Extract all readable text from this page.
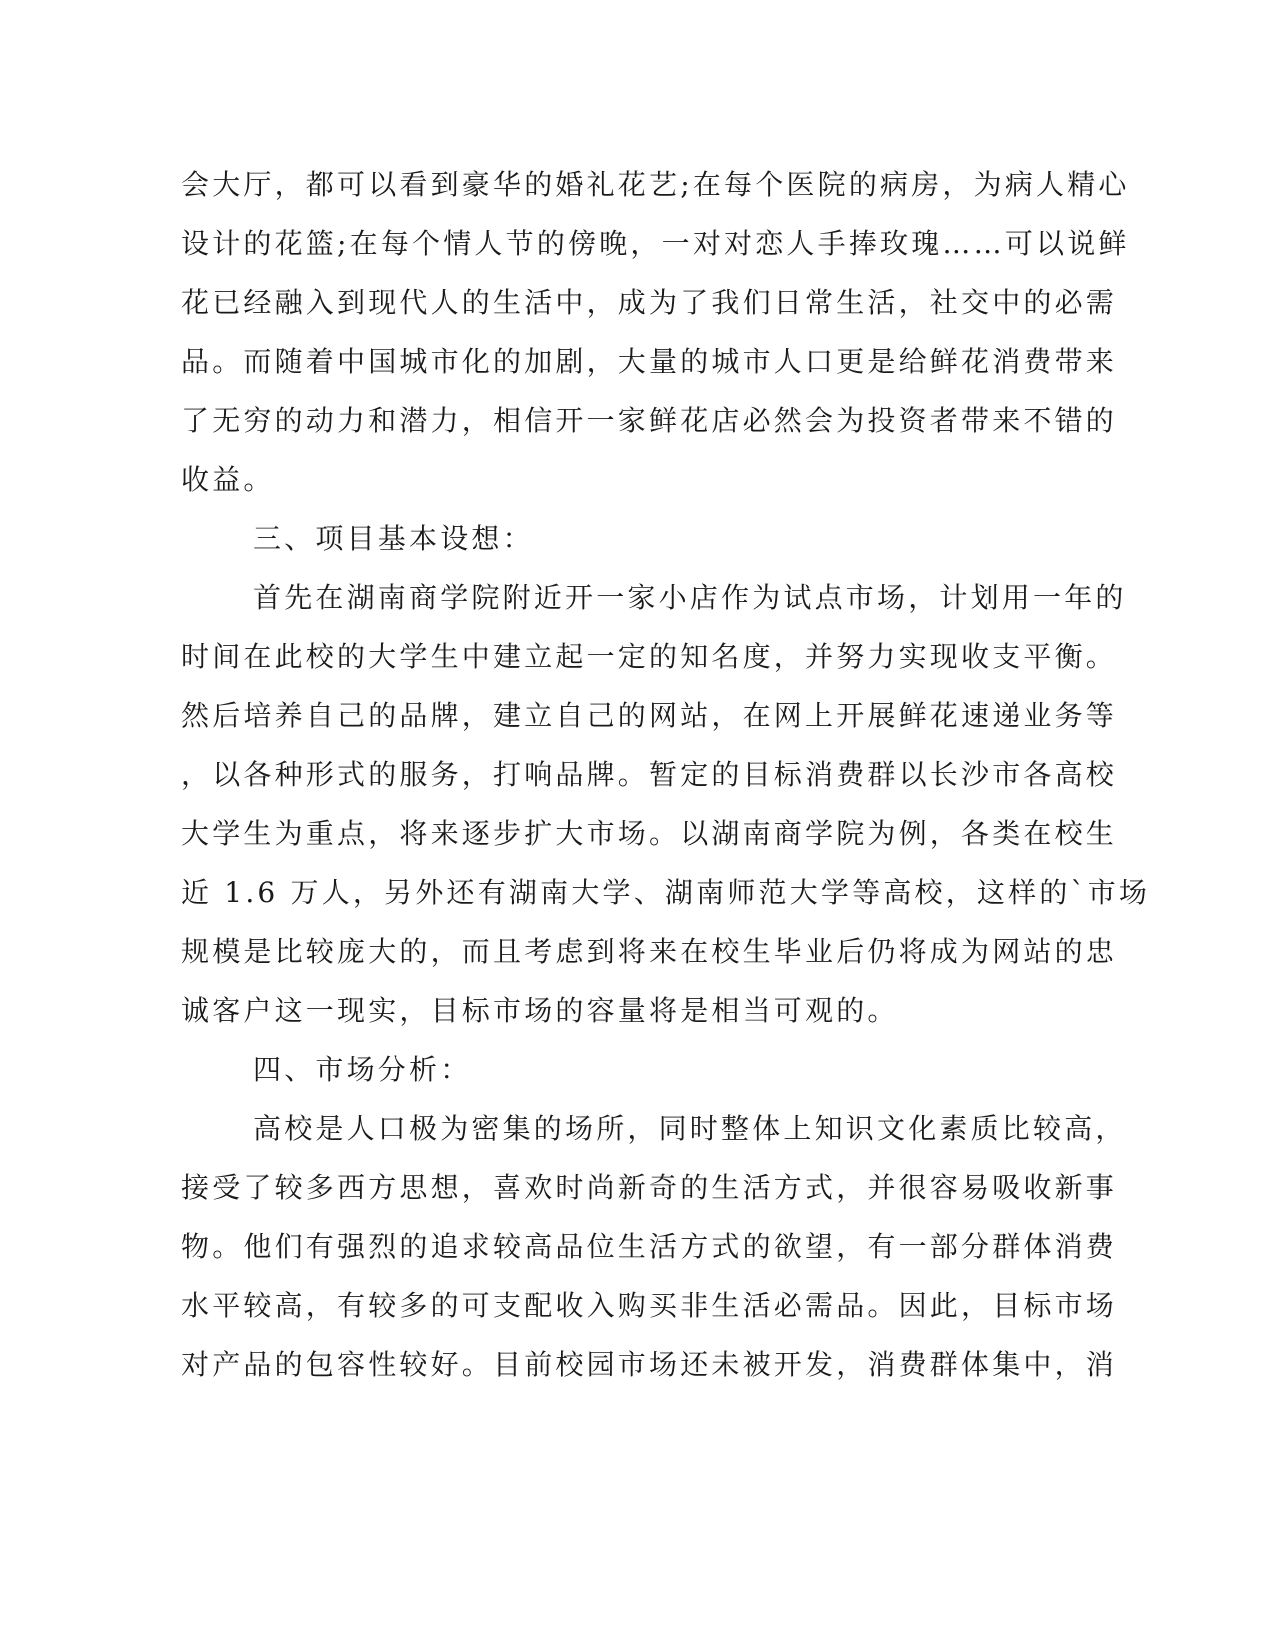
会大厅，都可以看到豪华的婚礼花艺;在每个医院的病房，为病人精心
设计的花篮;在每个情人节的傍晚，一对对恋人手捧玫瑰……可以说鲜
花已经融入到现代人的生活中，成为了我们日常生活，社交中的必需
品。而随着中国城市化的加剧，大量的城市人口更是给鲜花消费带来
了无穷的动力和潜力，相信开一家鲜花店必然会为投资者带来不错的
收益。
三、项目基本设想：
首先在湖南商学院附近开一家小店作为试点市场，计划用一年的
时间在此校的大学生中建立起一定的知名度，并努力实现收支平衡。
然后培养自己的品牌，建立自己的网站，在网上开展鲜花速递业务等
，以各种形式的服务，打响品牌。暂定的目标消费群以长沙市各高校
大学生为重点，将来逐步扩大市场。以湖南商学院为例，各类在校生
近 1.6 万人，另外还有湖南大学、湖南师范大学等高校，这样的`市场
规模是比较庞大的，而且考虑到将来在校生毕业后仍将成为网站的忠
诚客户这一现实，目标市场的容量将是相当可观的。
四、市场分析：
高校是人口极为密集的场所，同时整体上知识文化素质比较高，
接受了较多西方思想，喜欢时尚新奇的生活方式，并很容易吸收新事
物。他们有强烈的追求较高品位生活方式的欲望，有一部分群体消费
水平较高，有较多的可支配收入购买非生活必需品。因此，目标市场
对产品的包容性较好。目前校园市场还未被开发，消费群体集中，消
